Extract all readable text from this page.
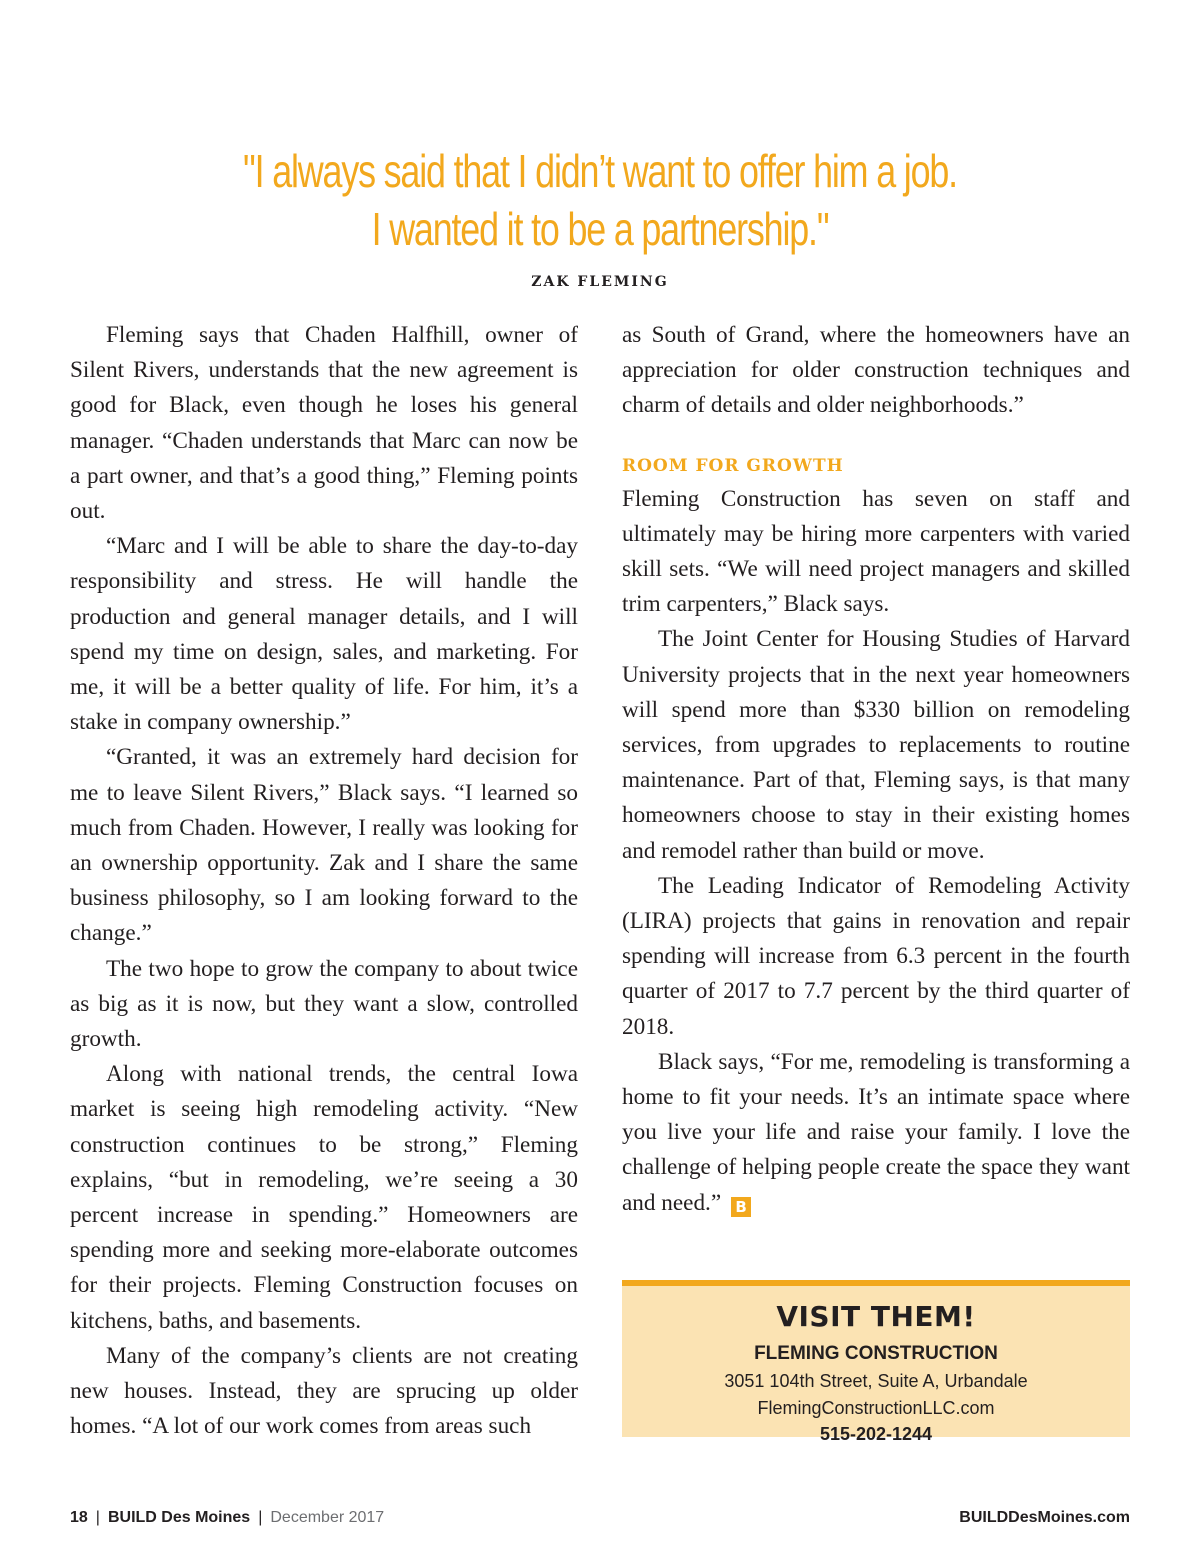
"I always said that I didn’t want to offer him a job.
I wanted it to be a partnership."
ZAK FLEMING

Fleming says that Chaden Halfhill, owner of Silent Rivers, understands that the new agreement is good for Black, even though he loses his general manager. “Chaden understands that Marc can now be a part owner, and that’s a good thing,” Fleming points out.

“Marc and I will be able to share the day-to-day responsibility and stress. He will handle the production and general manager details, and I will spend my time on design, sales, and marketing. For me, it will be a better quality of life. For him, it’s a stake in company ownership.”

“Granted, it was an extremely hard decision for me to leave Silent Rivers,” Black says. “I learned so much from Chaden. However, I really was looking for an ownership opportunity. Zak and I share the same business philosophy, so I am looking forward to the change.”

The two hope to grow the company to about twice as big as it is now, but they want a slow, controlled growth.

Along with national trends, the central Iowa market is seeing high remodeling activity. “New construction continues to be strong,” Fleming explains, “but in remodeling, we’re seeing a 30 percent increase in spending.” Homeowners are spending more and seeking more-elaborate outcomes for their projects. Fleming Construction focuses on kitchens, baths, and basements.

Many of the company’s clients are not creating new houses. Instead, they are sprucing up older homes. “A lot of our work comes from areas such

as South of Grand, where the homeowners have an appreciation for older construction techniques and charm of details and older neighborhoods.”

ROOM FOR GROWTH

Fleming Construction has seven on staff and ultimately may be hiring more carpenters with varied skill sets. “We will need project managers and skilled trim carpenters,” Black says.

The Joint Center for Housing Studies of Harvard University projects that in the next year homeowners will spend more than $330 billion on remodeling services, from upgrades to replacements to routine maintenance. Part of that, Fleming says, is that many homeowners choose to stay in their existing homes and remodel rather than build or move.

The Leading Indicator of Remodeling Activity (LIRA) projects that gains in renovation and repair spending will increase from 6.3 percent in the fourth quarter of 2017 to 7.7 percent by the third quarter of 2018.

Black says, “For me, remodeling is transforming a home to fit your needs. It’s an intimate space where you live your life and raise your family. I love the challenge of helping people create the space they want and need.” B

VISIT THEM!
FLEMING CONSTRUCTION
3051 104th Street, Suite A, Urbandale
FlemingConstructionLLC.com
515-202-1244
18 | BUILD Des Moines | December 2017	BUILDDesMoines.com
